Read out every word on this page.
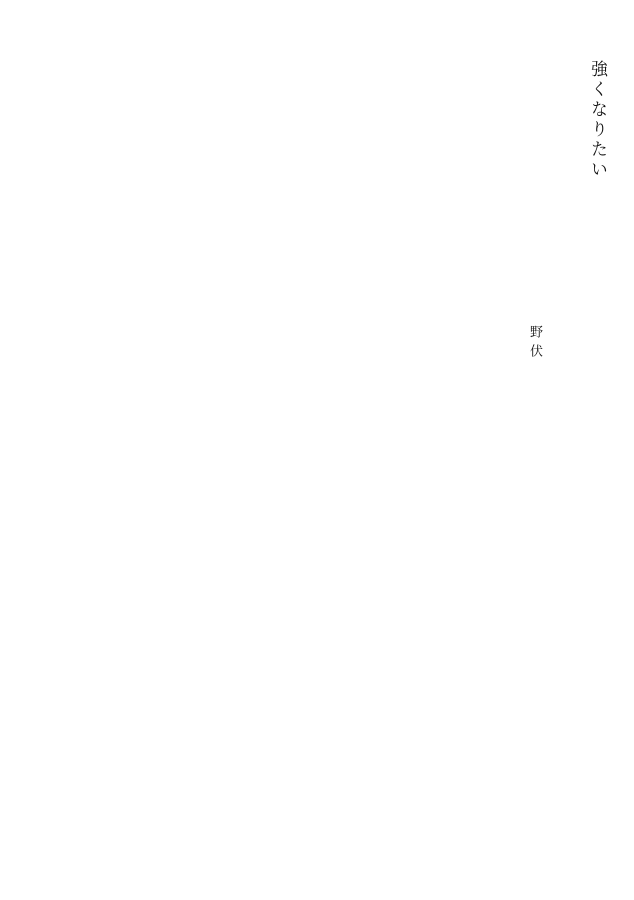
強くなりたい
野伏
